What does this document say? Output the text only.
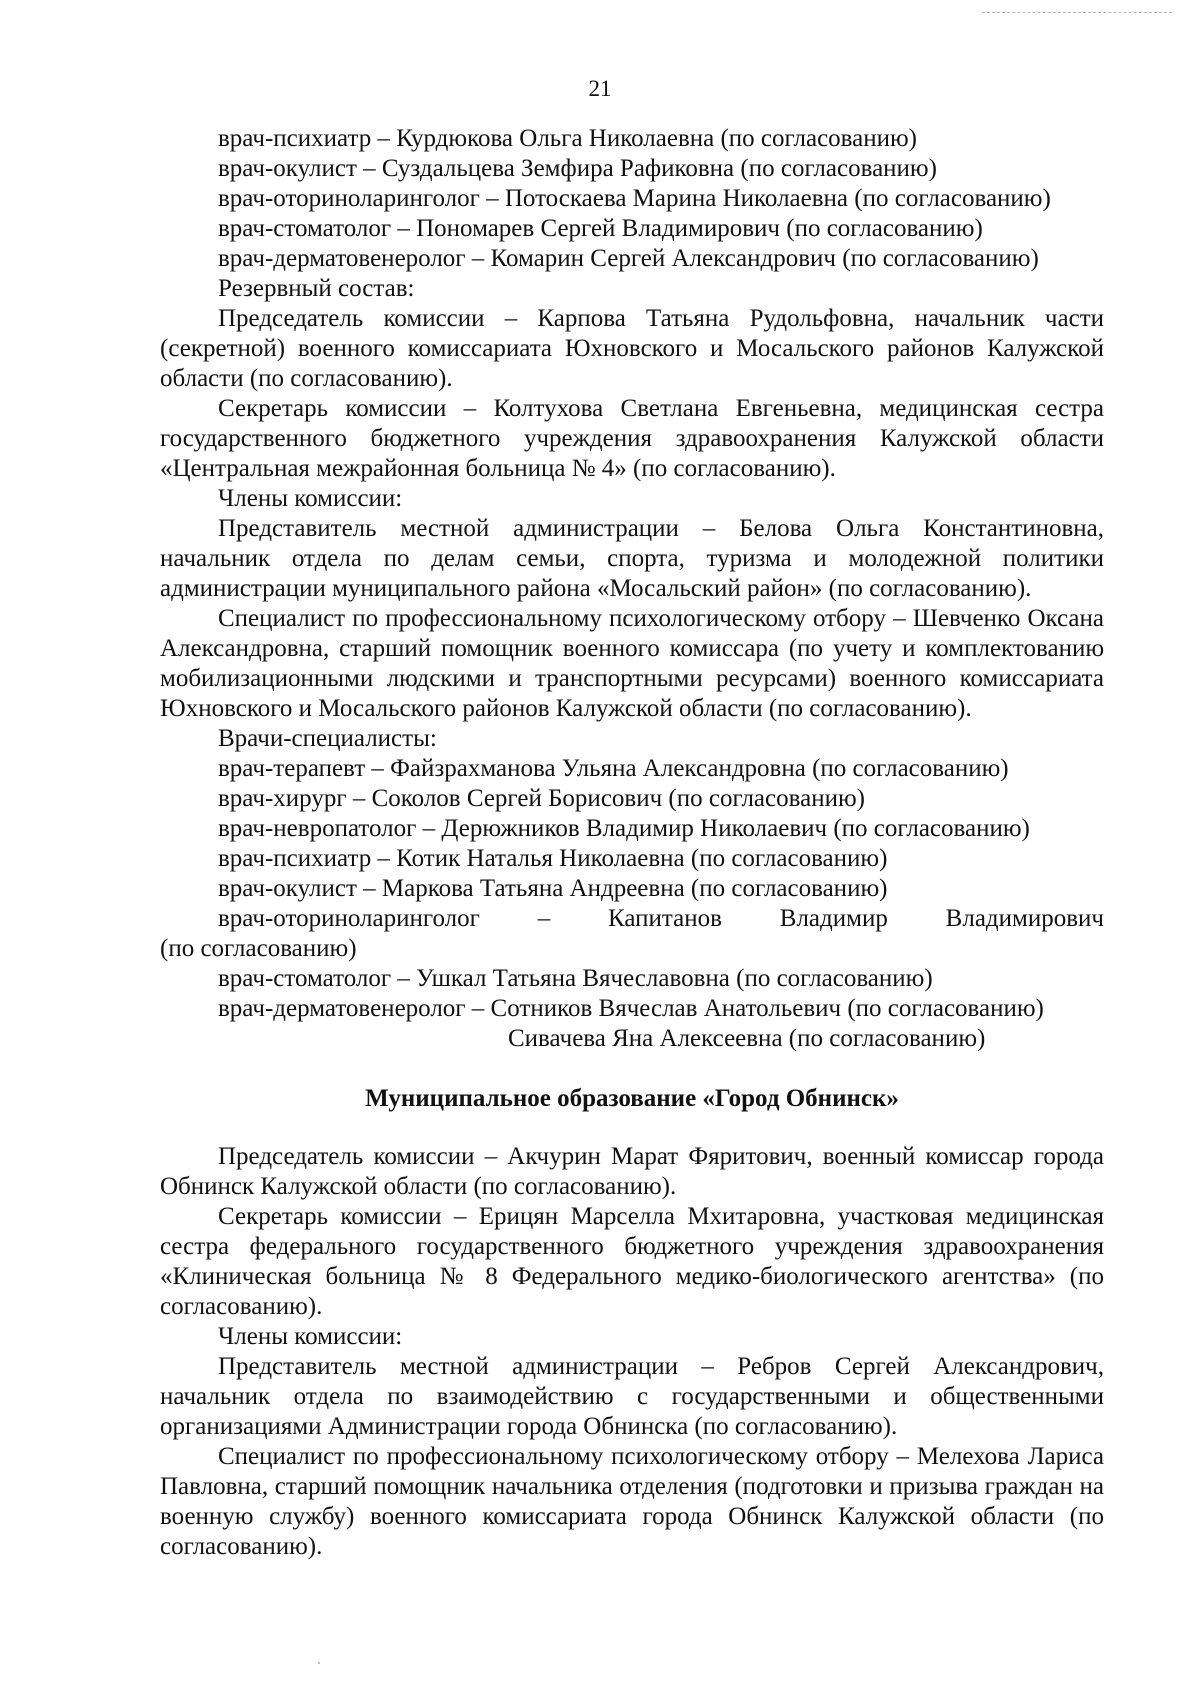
21

врач-психиатр – Курдюкова Ольга Николаевна (по согласованию)

врач-окулист – Суздальцева Земфира Рафиковна (по согласованию)

врач-оториноларинголог – Потоскаева Марина Николаевна (по согласованию)

врач-стоматолог – Пономарев Сергей Владимирович (по согласованию)

врач-дерматовенеролог – Комарин Сергей Александрович (по согласованию)

Резервный состав:

Председатель комиссии – Карпова Татьяна Рудольфовна, начальник части (секретной) военного комиссариата Юхновского и Мосальского районов Калужской области (по согласованию).

Секретарь комиссии – Колтухова Светлана Евгеньевна, медицинская сестра государственного бюджетного учреждения здравоохранения Калужской области «Центральная межрайонная больница № 4» (по согласованию).

Члены комиссии:

Представитель местной администрации – Белова Ольга Константиновна, начальник отдела по делам семьи, спорта, туризма и молодежной политики администрации муниципального района «Мосальский район» (по согласованию).

Специалист по профессиональному психологическому отбору – Шевченко Оксана Александровна, старший помощник военного комиссара (по учету и комплектованию мобилизационными людскими и транспортными ресурсами) военного комиссариата Юхновского и Мосальского районов Калужской области (по согласованию).

Врачи-специалисты:

врач-терапевт – Файзрахманова Ульяна Александровна (по согласованию)

врач-хирург – Соколов Сергей Борисович (по согласованию)

врач-невропатолог – Дерюжников Владимир Николаевич (по согласованию)

врач-психиатр – Котик Наталья Николаевна (по согласованию)

врач-окулист – Маркова Татьяна Андреевна (по согласованию)

врач-оториноларинголог – Капитанов Владимир Владимирович

(по согласованию)

врач-стоматолог – Ушкал Татьяна Вячеславовна (по согласованию)

врач-дерматовенеролог – Сотников Вячеслав Анатольевич (по согласованию)

Сивачева Яна Алексеевна (по согласованию)

Муниципальное образование «Город Обнинск»

Председатель комиссии – Акчурин Марат Фяритович, военный комиссар города Обнинск Калужской области (по согласованию).

Секретарь комиссии – Ерицян Марселла Мхитаровна, участковая медицинская сестра федерального государственного бюджетного учреждения здравоохранения «Клиническая больница № 8 Федерального медико-биологического агентства» (по согласованию).

Члены комиссии:

Представитель местной администрации – Ребров Сергей Александрович, начальник отдела по взаимодействию с государственными и общественными организациями Администрации города Обнинска (по согласованию).

Специалист по профессиональному психологическому отбору – Мелехова Лариса Павловна, старший помощник начальника отделения (подготовки и призыва граждан на военную службу) военного комиссариата города Обнинск Калужской области (по согласованию).
